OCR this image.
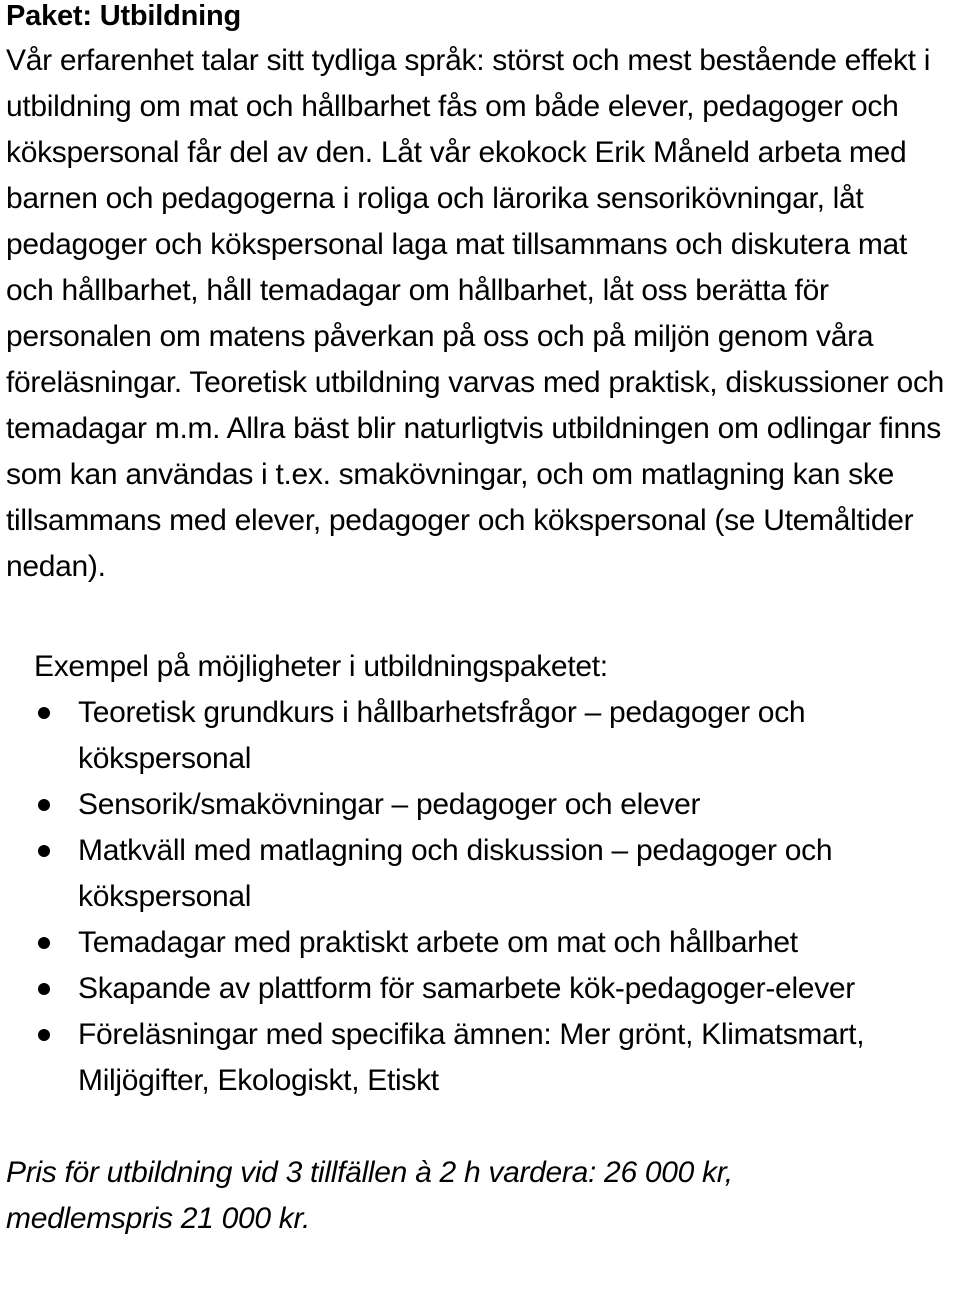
Paket: Utbildning

Vår erfarenhet talar sitt tydliga språk: störst och mest bestående effekt i utbildning om mat och hållbarhet fås om både elever, pedagoger och kökspersonal får del av den. Låt vår ekokock Erik Måneld arbeta med barnen och pedagogerna i roliga och lärorika sensorikövningar, låt pedagoger och kökspersonal laga mat tillsammans och diskutera mat och hållbarhet, håll temadagar om hållbarhet, låt oss berätta för personalen om matens påverkan på oss och på miljön genom våra föreläsningar. Teoretisk utbildning varvas med praktisk, diskussioner och temadagar m.m. Allra bäst blir naturligtvis utbildningen om odlingar finns som kan användas i t.ex. smakövningar, och om matlagning kan ske tillsammans med elever, pedagoger och kökspersonal (se Utemåltider nedan).

Exempel på möjligheter i utbildningspaketet:

Teoretisk grundkurs i hållbarhetsfrågor – pedagoger och kökspersonal
Sensorik/smakövningar – pedagoger och elever
Matkväll med matlagning och diskussion – pedagoger och kökspersonal
Temadagar med praktiskt arbete om mat och hållbarhet
Skapande av plattform för samarbete kök-pedagoger-elever
Föreläsningar med specifika ämnen: Mer grönt, Klimatsmart, Miljögifter, Ekologiskt, Etiskt

Pris för utbildning vid 3 tillfällen à 2 h vardera: 26 000 kr, medlemspris 21 000 kr.
